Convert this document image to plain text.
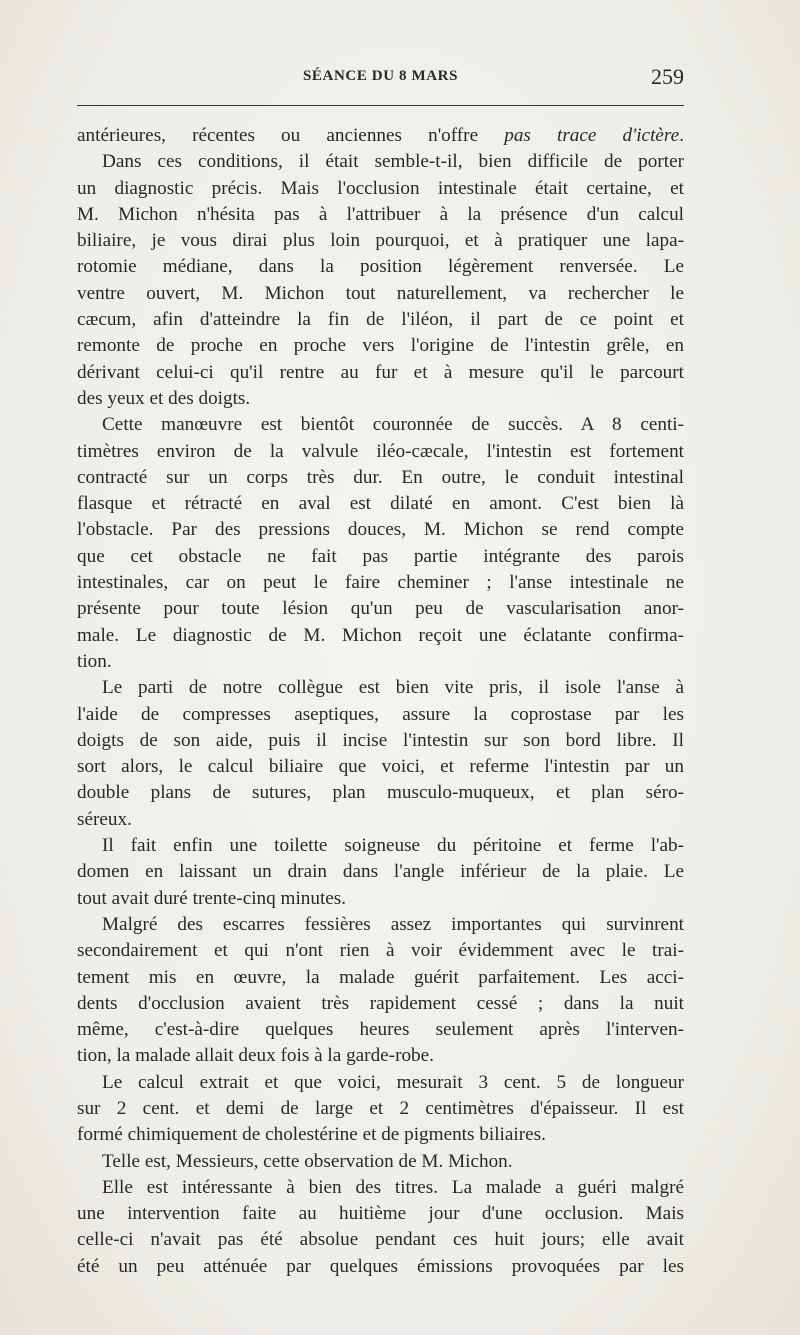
SÉANCE DU 8 MARS	259
antérieures, récentes ou anciennes n'offre pas trace d'ictère.
Dans ces conditions, il était semble-t-il, bien difficile de porter
un diagnostic précis. Mais l'occlusion intestinale était certaine, et
M. Michon n'hésita pas à l'attribuer à la présence d'un calcul
biliaire, je vous dirai plus loin pourquoi, et à pratiquer une lapa-
rotomie médiane, dans la position légèrement renversée. Le
ventre ouvert, M. Michon tout naturellement, va rechercher le
cæcum, afin d'atteindre la fin de l'iléon, il part de ce point et
remonte de proche en proche vers l'origine de l'intestin grêle, en
dérivant celui-ci qu'il rentre au fur et à mesure qu'il le parcourt
des yeux et des doigts.
Cette manœuvre est bientôt couronnée de succès. A 8 centi-
timètres environ de la valvule iléo-cæcale, l'intestin est fortement
contracté sur un corps très dur. En outre, le conduit intestinal
flasque et rétracté en aval est dilaté en amont. C'est bien là
l'obstacle. Par des pressions douces, M. Michon se rend compte
que cet obstacle ne fait pas partie intégrante des parois
intestinales, car on peut le faire cheminer ; l'anse intestinale ne
présente pour toute lésion qu'un peu de vascularisation anor-
male. Le diagnostic de M. Michon reçoit une éclatante confirma-
tion.
Le parti de notre collègue est bien vite pris, il isole l'anse à
l'aide de compresses aseptiques, assure la coprostase par les
doigts de son aide, puis il incise l'intestin sur son bord libre. Il
sort alors, le calcul biliaire que voici, et referme l'intestin par un
double plans de sutures, plan musculo-muqueux, et plan séro-
séreux.
Il fait enfin une toilette soigneuse du péritoine et ferme l'ab-
domen en laissant un drain dans l'angle inférieur de la plaie. Le
tout avait duré trente-cinq minutes.
Malgré des escarres fessières assez importantes qui survinrent
secondairement et qui n'ont rien à voir évidemment avec le trai-
tement mis en œuvre, la malade guérit parfaitement. Les acci-
dents d'occlusion avaient très rapidement cessé ; dans la nuit
même, c'est-à-dire quelques heures seulement après l'interven-
tion, la malade allait deux fois à la garde-robe.
Le calcul extrait et que voici, mesurait 3 cent. 5 de longueur
sur 2 cent. et demi de large et 2 centimètres d'épaisseur. Il est
formé chimiquement de cholestérine et de pigments biliaires.
Telle est, Messieurs, cette observation de M. Michon.
Elle est intéressante à bien des titres. La malade a guéri malgré
une intervention faite au huitième jour d'une occlusion. Mais
celle-ci n'avait pas été absolue pendant ces huit jours; elle avait
été un peu atténuée par quelques émissions provoquées par les
